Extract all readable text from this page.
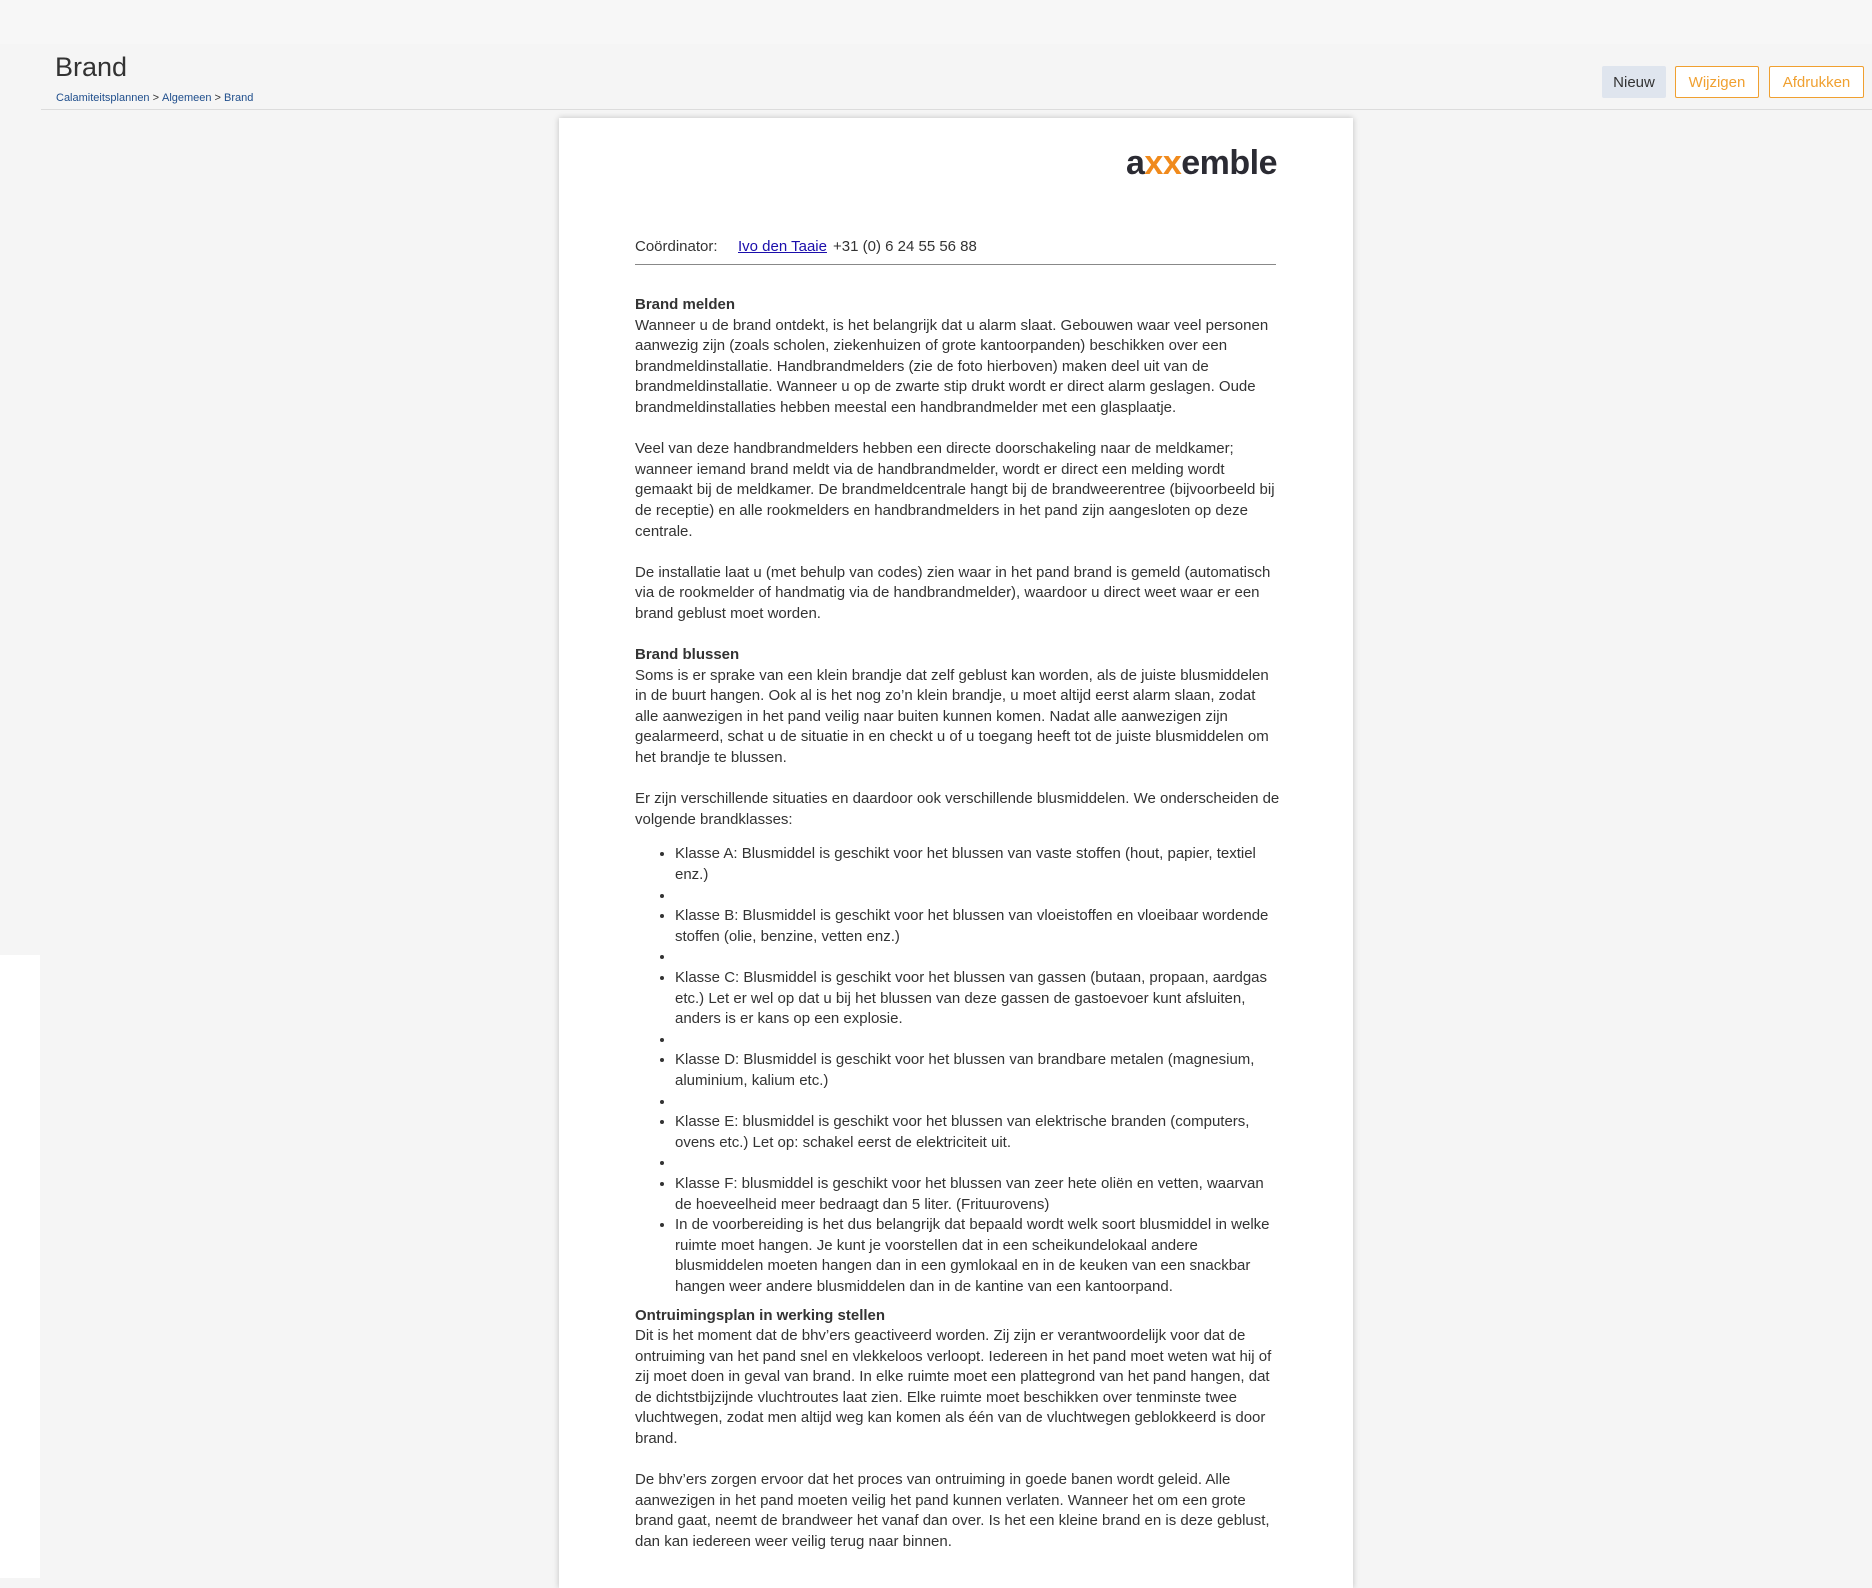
Brand
Calamiteitsplannen > Algemeen > Brand
Nieuw	Wijzigen	Afdrukken
a xx emble
Coördinator: Ivo den Taaie +31 (0) 6 24 55 56 88

Brand melden
Wanneer u de brand ontdekt, is het belangrijk dat u alarm slaat. Gebouwen waar veel personen aanwezig zijn (zoals scholen, ziekenhuizen of grote kantoorpanden) beschikken over een brandmeldinstallatie. Handbrandmelders (zie de foto hierboven) maken deel uit van de brandmeldinstallatie. Wanneer u op de zwarte stip drukt wordt er direct alarm geslagen. Oude brandmeldinstallaties hebben meestal een handbrandmelder met een glasplaatje.

Veel van deze handbrandmelders hebben een directe doorschakeling naar de meldkamer; wanneer iemand brand meldt via de handbrandmelder, wordt er direct een melding wordt gemaakt bij de meldkamer. De brandmeldcentrale hangt bij de brandweerentree (bijvoorbeeld bij de receptie) en alle rookmelders en handbrandmelders in het pand zijn aangesloten op deze centrale.

De installatie laat u (met behulp van codes) zien waar in het pand brand is gemeld (automatisch via de rookmelder of handmatig via de handbrandmelder), waardoor u direct weet waar er een brand geblust moet worden.

Brand blussen
Soms is er sprake van een klein brandje dat zelf geblust kan worden, als de juiste blusmiddelen in de buurt hangen. Ook al is het nog zo’n klein brandje, u moet altijd eerst alarm slaan, zodat alle aanwezigen in het pand veilig naar buiten kunnen komen. Nadat alle aanwezigen zijn gealarmeerd, schat u de situatie in en checkt u of u toegang heeft tot de juiste blusmiddelen om het brandje te blussen.

Er zijn verschillende situaties en daardoor ook verschillende blusmiddelen. We onderscheiden de volgende brandklasses:

• Klasse A: Blusmiddel is geschikt voor het blussen van vaste stoffen (hout, papier, textiel enz.)
•
• Klasse B: Blusmiddel is geschikt voor het blussen van vloeistoffen en vloeibaar wordende stoffen (olie, benzine, vetten enz.)
•
• Klasse C: Blusmiddel is geschikt voor het blussen van gassen (butaan, propaan, aardgas etc.) Let er wel op dat u bij het blussen van deze gassen de gastoevoer kunt afsluiten, anders is er kans op een explosie.
•
• Klasse D: Blusmiddel is geschikt voor het blussen van brandbare metalen (magnesium, aluminium, kalium etc.)
•
• Klasse E: blusmiddel is geschikt voor het blussen van elektrische branden (computers, ovens etc.) Let op: schakel eerst de elektriciteit uit.
•
• Klasse F: blusmiddel is geschikt voor het blussen van zeer hete oliën en vetten, waarvan de hoeveelheid meer bedraagt dan 5 liter. (Frituurovens)
• In de voorbereiding is het dus belangrijk dat bepaald wordt welk soort blusmiddel in welke ruimte moet hangen. Je kunt je voorstellen dat in een scheikundelokaal andere blusmiddelen moeten hangen dan in een gymlokaal en in de keuken van een snackbar hangen weer andere blusmiddelen dan in de kantine van een kantoorpand.

Ontruimingsplan in werking stellen
Dit is het moment dat de bhv’ers geactiveerd worden. Zij zijn er verantwoordelijk voor dat de ontruiming van het pand snel en vlekkeloos verloopt. Iedereen in het pand moet weten wat hij of zij moet doen in geval van brand. In elke ruimte moet een plattegrond van het pand hangen, dat de dichtstbijzijnde vluchtroutes laat zien. Elke ruimte moet beschikken over tenminste twee vluchtwegen, zodat men altijd weg kan komen als één van de vluchtwegen geblokkeerd is door brand.

De bhv’ers zorgen ervoor dat het proces van ontruiming in goede banen wordt geleid. Alle aanwezigen in het pand moeten veilig het pand kunnen verlaten. Wanneer het om een grote brand gaat, neemt de brandweer het vanaf dan over. Is het een kleine brand en is deze geblust, dan kan iedereen weer veilig terug naar binnen.
